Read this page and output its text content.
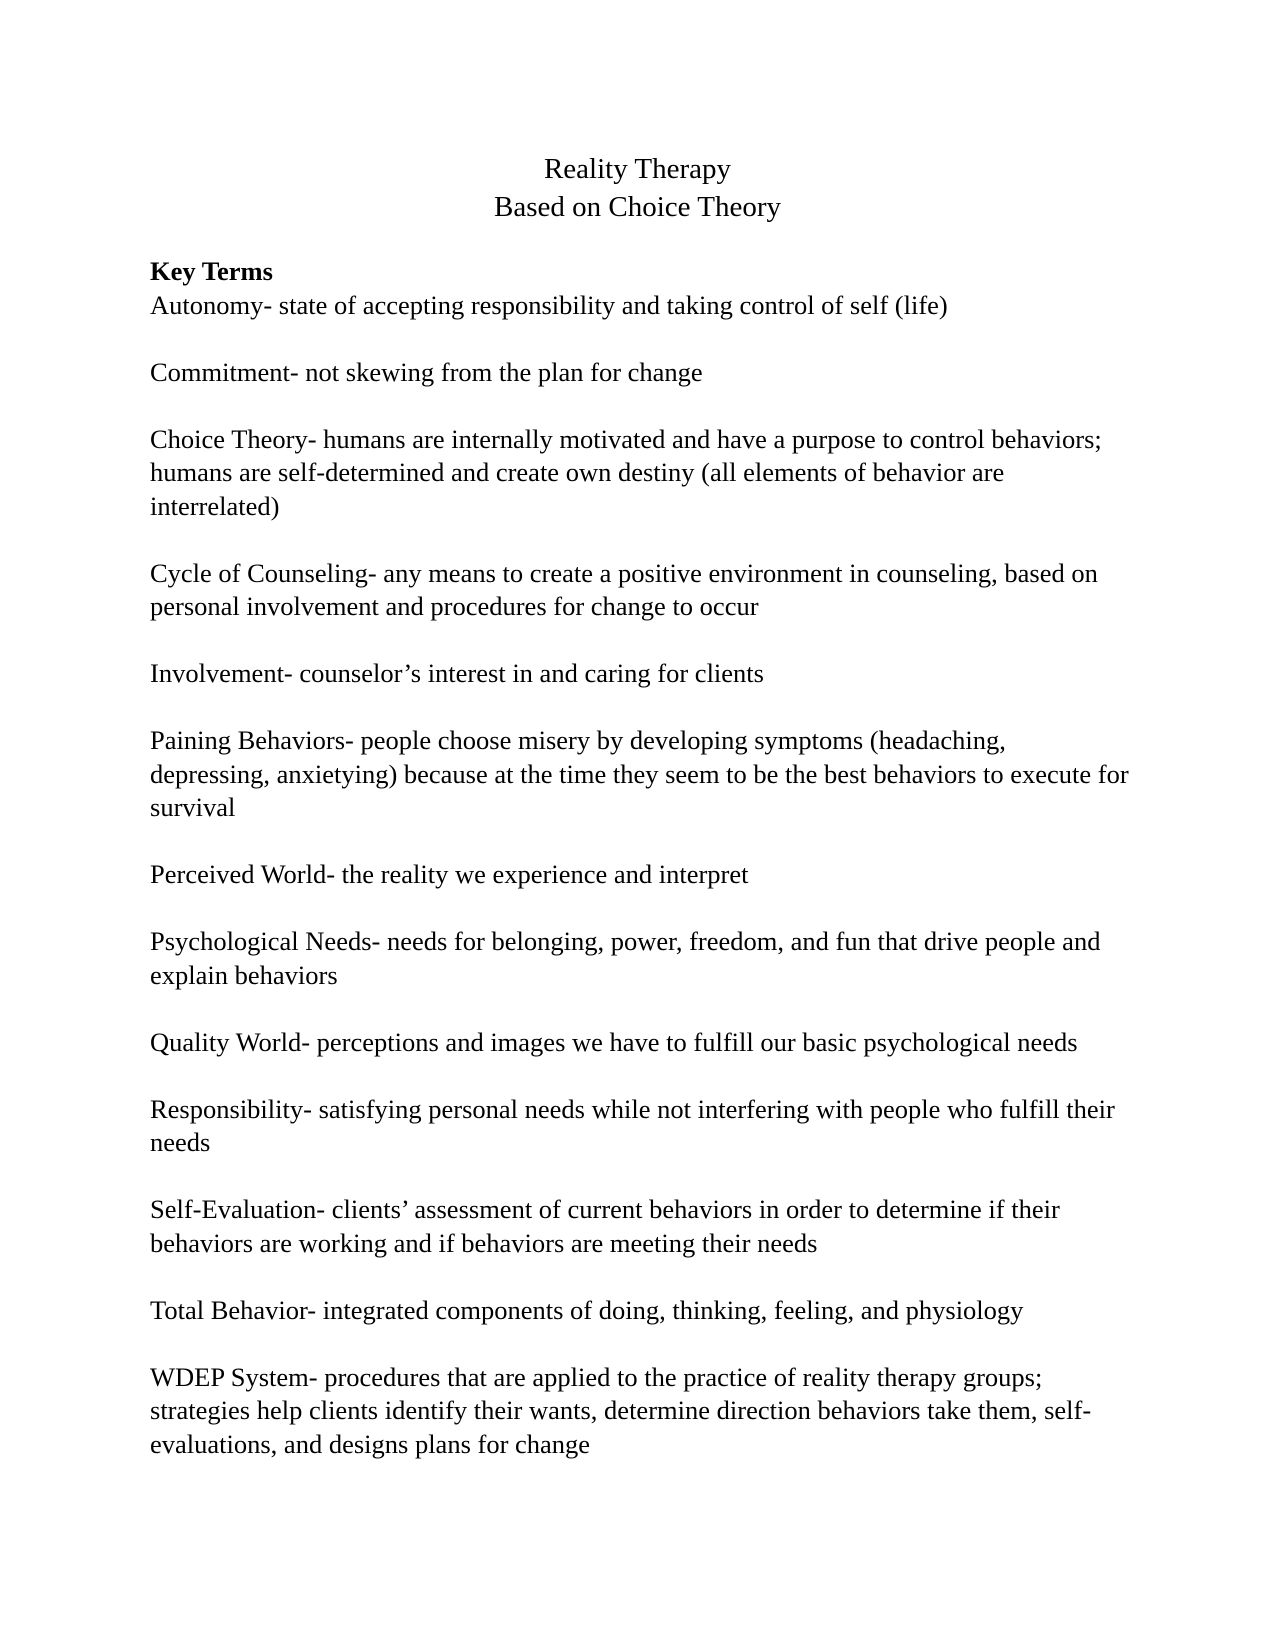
Reality Therapy
Based on Choice Theory

Key Terms

Autonomy- state of accepting responsibility and taking control of self (life)

Commitment- not skewing from the plan for change

Choice Theory- humans are internally motivated and have a purpose to control behaviors; humans are self-determined and create own destiny (all elements of behavior are interrelated)

Cycle of Counseling- any means to create a positive environment in counseling, based on personal involvement and procedures for change to occur

Involvement- counselor’s interest in and caring for clients

Paining Behaviors- people choose misery by developing symptoms (headaching, depressing, anxietying) because at the time they seem to be the best behaviors to execute for survival

Perceived World- the reality we experience and interpret

Psychological Needs- needs for belonging, power, freedom, and fun that drive people and explain behaviors

Quality World- perceptions and images we have to fulfill our basic psychological needs

Responsibility- satisfying personal needs while not interfering with people who fulfill their needs

Self-Evaluation- clients’ assessment of current behaviors in order to determine if their behaviors are working and if behaviors are meeting their needs

Total Behavior- integrated components of doing, thinking, feeling, and physiology

WDEP System- procedures that are applied to the practice of reality therapy groups; strategies help clients identify their wants, determine direction behaviors take them, self-evaluations, and designs plans for change
